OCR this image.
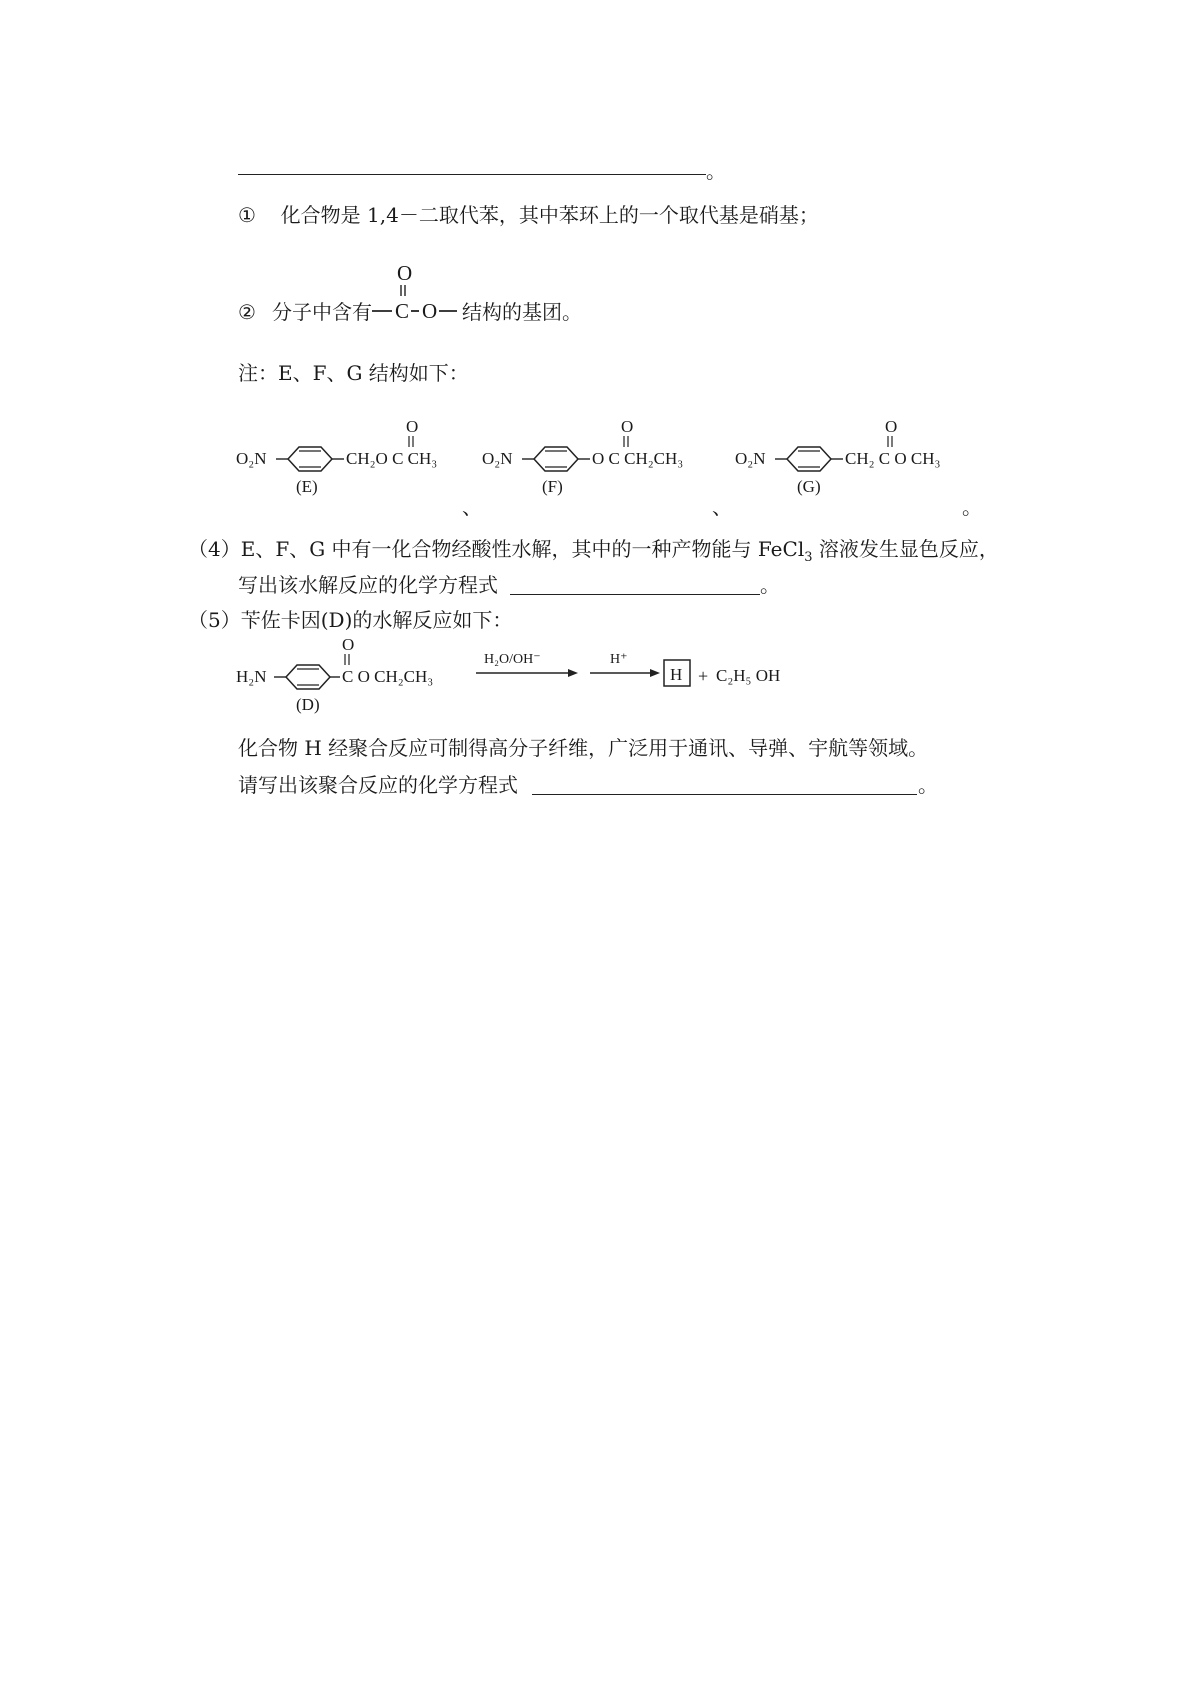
。
① 化合物是 1,4－二取代苯，其中苯环上的一个取代基是硝基；
② 分子中含有
O
C O 结构的基团。
注：E、F、G 结构如下：
O₂N	CH₂O C CH₃
O
(E)
O₂N	O C CH₂CH₃
O
(F)
O₂N	CH₂ C O CH₃
O
(G)
、	、	。
（4）E、F、G 中有一化合物经酸性水解，其中的一种产物能与 FeCl$_3$ 溶液发生显色反应，
写出该水解反应的化学方程式	。
（5）苄佐卡因(D)的水解反应如下：
H₂N	C O CH₂CH₃
O
(D)
H₂O/OH⁻	H⁺
H + C₂H₅ OH
化合物 H 经聚合反应可制得高分子纤维，广泛用于通讯、导弹、宇航等领域。
请写出该聚合反应的化学方程式	。
